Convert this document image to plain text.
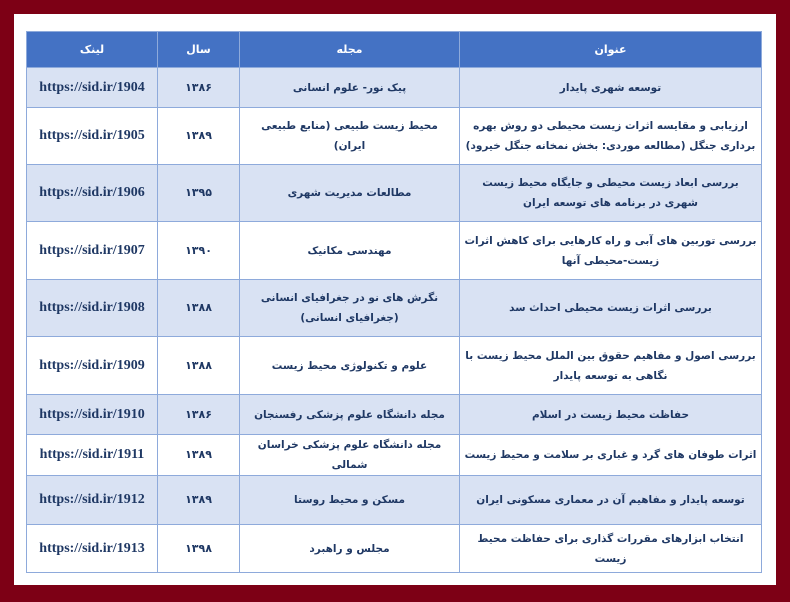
عنوان	مجله	سال	لینک
توسعه شهری پایدار	پیک نور- علوم انسانی	۱۳۸۶	https://sid.ir/1904
ارزیابی و مقایسه اثرات زیست محیطی دو روش بهره برداری جنگل (مطالعه موردی: بخش نمخانه جنگل خیرود)	محیط زیست طبیعی (منابع طبیعی ایران)	۱۳۸۹	https://sid.ir/1905
بررسی ابعاد زیست محیطی و جایگاه محیط زیست شهری در برنامه های توسعه ایران	مطالعات مدیریت شهری	۱۳۹۵	https://sid.ir/1906
بررسی توربین های آبی و راه کارهایی برای کاهش اثرات زیست-محیطی آنها	مهندسی مکانیک	۱۳۹۰	https://sid.ir/1907
بررسی اثرات زیست محیطی احداث سد	نگرش های نو در جغرافیای انسانی (جغرافیای انسانی)	۱۳۸۸	https://sid.ir/1908
بررسی اصول و مفاهیم حقوق بین الملل محیط زیست با نگاهی به توسعه پایدار	علوم و تکنولوژی محیط زیست	۱۳۸۸	https://sid.ir/1909
حفاظت محیط زیست در اسلام	مجله دانشگاه علوم پزشکی رفسنجان	۱۳۸۶	https://sid.ir/1910
اثرات طوفان های گرد و غباری بر سلامت و محیط زیست	مجله دانشگاه علوم پزشکی خراسان شمالی	۱۳۸۹	https://sid.ir/1911
توسعه پایدار و مفاهیم آن در معماری مسکونی ایران	مسکن و محیط روستا	۱۳۸۹	https://sid.ir/1912
انتخاب ابزارهای مقررات گذاری برای حفاظت محیط زیست	مجلس و راهبرد	۱۳۹۸	https://sid.ir/1913
